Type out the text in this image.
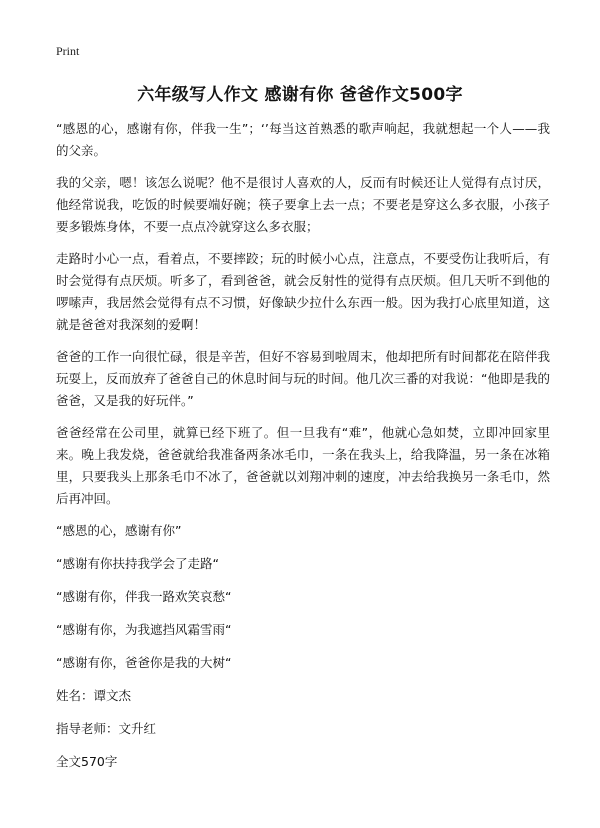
Print
六年级写人作文 感谢有你 爸爸作文500字

“感恩的心，感谢有你，伴我一生”；‘’每当这首熟悉的歌声响起，我就想起一个人——我的父亲。

我的父亲，嗯！该怎么说呢？他不是很讨人喜欢的人，反而有时候还让人觉得有点讨厌，他经常说我，吃饭的时候要端好碗；筷子要拿上去一点；不要老是穿这么多衣服，小孩子要多锻炼身体，不要一点点冷就穿这么多衣服；

走路时小心一点，看着点，不要摔跤；玩的时候小心点，注意点，不要受伤让我听后，有时会觉得有点厌烦。听多了，看到爸爸，就会反射性的觉得有点厌烦。但几天听不到他的啰嗦声，我居然会觉得有点不习惯，好像缺少拉什么东西一般。因为我打心底里知道，这就是爸爸对我深刻的爱啊！

爸爸的工作一向很忙碌，很是辛苦，但好不容易到啦周末，他却把所有时间都花在陪伴我玩耍上，反而放弃了爸爸自己的休息时间与玩的时间。他几次三番的对我说：“他即是我的爸爸，又是我的好玩伴。”

爸爸经常在公司里，就算已经下班了。但一旦我有“难”，他就心急如焚，立即冲回家里来。晚上我发烧，爸爸就给我准备两条冰毛巾，一条在我头上，给我降温，另一条在冰箱里，只要我头上那条毛巾不冰了，爸爸就以刘翔冲刺的速度，冲去给我换另一条毛巾，然后再冲回。

“感恩的心，感谢有你”

“感谢有你扶持我学会了走路“

“感谢有你，伴我一路欢笑哀愁“

“感谢有你，为我遮挡风霜雪雨“

“感谢有你，爸爸你是我的大树“

姓名：谭文杰

指导老师：文升红

全文570字
